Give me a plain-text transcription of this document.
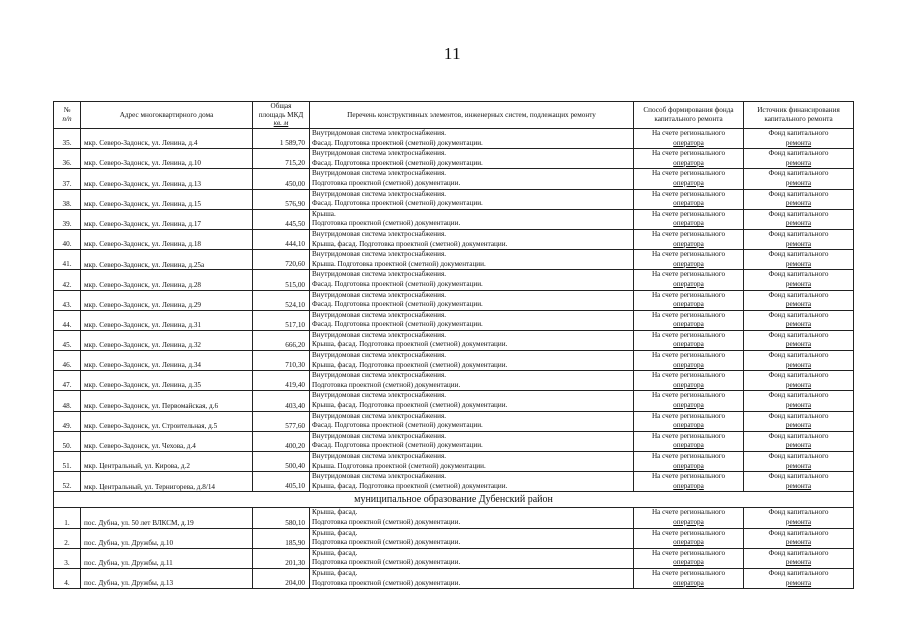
11
№
п/п	Адрес многоквартирного дома	Общая
площадь МКД
кв. м	Перечень конструктивных элементов, инженерных систем, подлежащих ремонту	Способ формирования фонда капитального ремонта	Источник финансирования капитального ремонта
35.	мкр. Северо-Задонск, ул. Ленина, д.4	1 589,70	Внутридомовая система электроснабжения.
Фасад. Подготовка проектной (сметной) документации.	На счете регионального
оператора	Фонд капитального
ремонта
36.	мкр. Северо-Задонск, ул. Ленина, д.10	715,20	Внутридомовая система электроснабжения.
Фасад. Подготовка проектной (сметной) документации.	На счете регионального
оператора	Фонд капитального
ремонта
37.	мкр. Северо-Задонск, ул. Ленина, д.13	450,00	Внутридомовая система электроснабжения.
Подготовка проектной (сметной) документации.	На счете регионального
оператора	Фонд капитального
ремонта
38.	мкр. Северо-Задонск, ул. Ленина, д.15	576,90	Внутридомовая система электроснабжения.
Фасад. Подготовка проектной (сметной) документации.	На счете регионального
оператора	Фонд капитального
ремонта
39.	мкр. Северо-Задонск, ул. Ленина, д.17	445,50	Крыша.
Подготовка проектной (сметной) документации.	На счете регионального
оператора	Фонд капитального
ремонта
40.	мкр. Северо-Задонск, ул. Ленина, д.18	444,10	Внутридомовая система электроснабжения.
Крыша, фасад. Подготовка проектной (сметной) документации.	На счете регионального
оператора	Фонд капитального
ремонта
41.	мкр. Северо-Задонск, ул. Ленина, д.25а	720,60	Внутридомовая система электроснабжения.
Крыша. Подготовка проектной (сметной) документации.	На счете регионального
оператора	Фонд капитального
ремонта
42.	мкр. Северо-Задонск, ул. Ленина, д.28	515,00	Внутридомовая система электроснабжения.
Фасад. Подготовка проектной (сметной) документации.	На счете регионального
оператора	Фонд капитального
ремонта
43.	мкр. Северо-Задонск, ул. Ленина, д.29	524,10	Внутридомовая система электроснабжения.
Фасад. Подготовка проектной (сметной) документации.	На счете регионального
оператора	Фонд капитального
ремонта
44.	мкр. Северо-Задонск, ул. Ленина, д.31	517,10	Внутридомовая система электроснабжения.
Фасад. Подготовка проектной (сметной) документации.	На счете регионального
оператора	Фонд капитального
ремонта
45.	мкр. Северо-Задонск, ул. Ленина, д.32	666,20	Внутридомовая система электроснабжения.
Крыша, фасад. Подготовка проектной (сметной) документации.	На счете регионального
оператора	Фонд капитального
ремонта
46.	мкр. Северо-Задонск, ул. Ленина, д.34	710,30	Внутридомовая система электроснабжения.
Крыша, фасад. Подготовка проектной (сметной) документации.	На счете регионального
оператора	Фонд капитального
ремонта
47.	мкр. Северо-Задонск, ул. Ленина, д.35	419,40	Внутридомовая система электроснабжения.
Подготовка проектной (сметной) документации.	На счете регионального
оператора	Фонд капитального
ремонта
48.	мкр. Северо-Задонск, ул. Первомайская, д.6	403,40	Внутридомовая система электроснабжения.
Крыша, фасад. Подготовка проектной (сметной) документации.	На счете регионального
оператора	Фонд капитального
ремонта
49.	мкр. Северо-Задонск, ул. Строительная, д.5	577,60	Внутридомовая система электроснабжения.
Фасад. Подготовка проектной (сметной) документации.	На счете регионального
оператора	Фонд капитального
ремонта
50.	мкр. Северо-Задонск, ул. Чехова, д.4	400,20	Внутридомовая система электроснабжения.
Фасад. Подготовка проектной (сметной) документации.	На счете регионального
оператора	Фонд капитального
ремонта
51.	мкр. Центральный, ул. Кирова, д.2	500,40	Внутридомовая система электроснабжения.
Крыша. Подготовка проектной (сметной) документации.	На счете регионального
оператора	Фонд капитального
ремонта
52.	мкр. Центральный, ул. Тернигорева, д.8/14	405,10	Внутридомовая система электроснабжения.
Крыша, фасад. Подготовка проектной (сметной) документации.	На счете регионального
оператора	Фонд капитального
ремонта
муниципальное образование Дубенский район					
1.	пос. Дубна, ул. 50 лет ВЛКСМ, д.19	580,10	Крыша, фасад.
Подготовка проектной (сметной) документации.	На счете регионального
оператора	Фонд капитального
ремонта
2.	пос. Дубна, ул. Дружбы, д.10	185,90	Крыша, фасад.
Подготовка проектной (сметной) документации.	На счете регионального
оператора	Фонд капитального
ремонта
3.	пос. Дубна, ул. Дружбы, д.11	201,30	Крыша, фасад.
Подготовка проектной (сметной) документации.	На счете регионального
оператора	Фонд капитального
ремонта
4.	пос. Дубна, ул. Дружбы, д.13	204,00	Крыша, фасад.
Подготовка проектной (сметной) документации.	На счете регионального
оператора	Фонд капитального
ремонта
